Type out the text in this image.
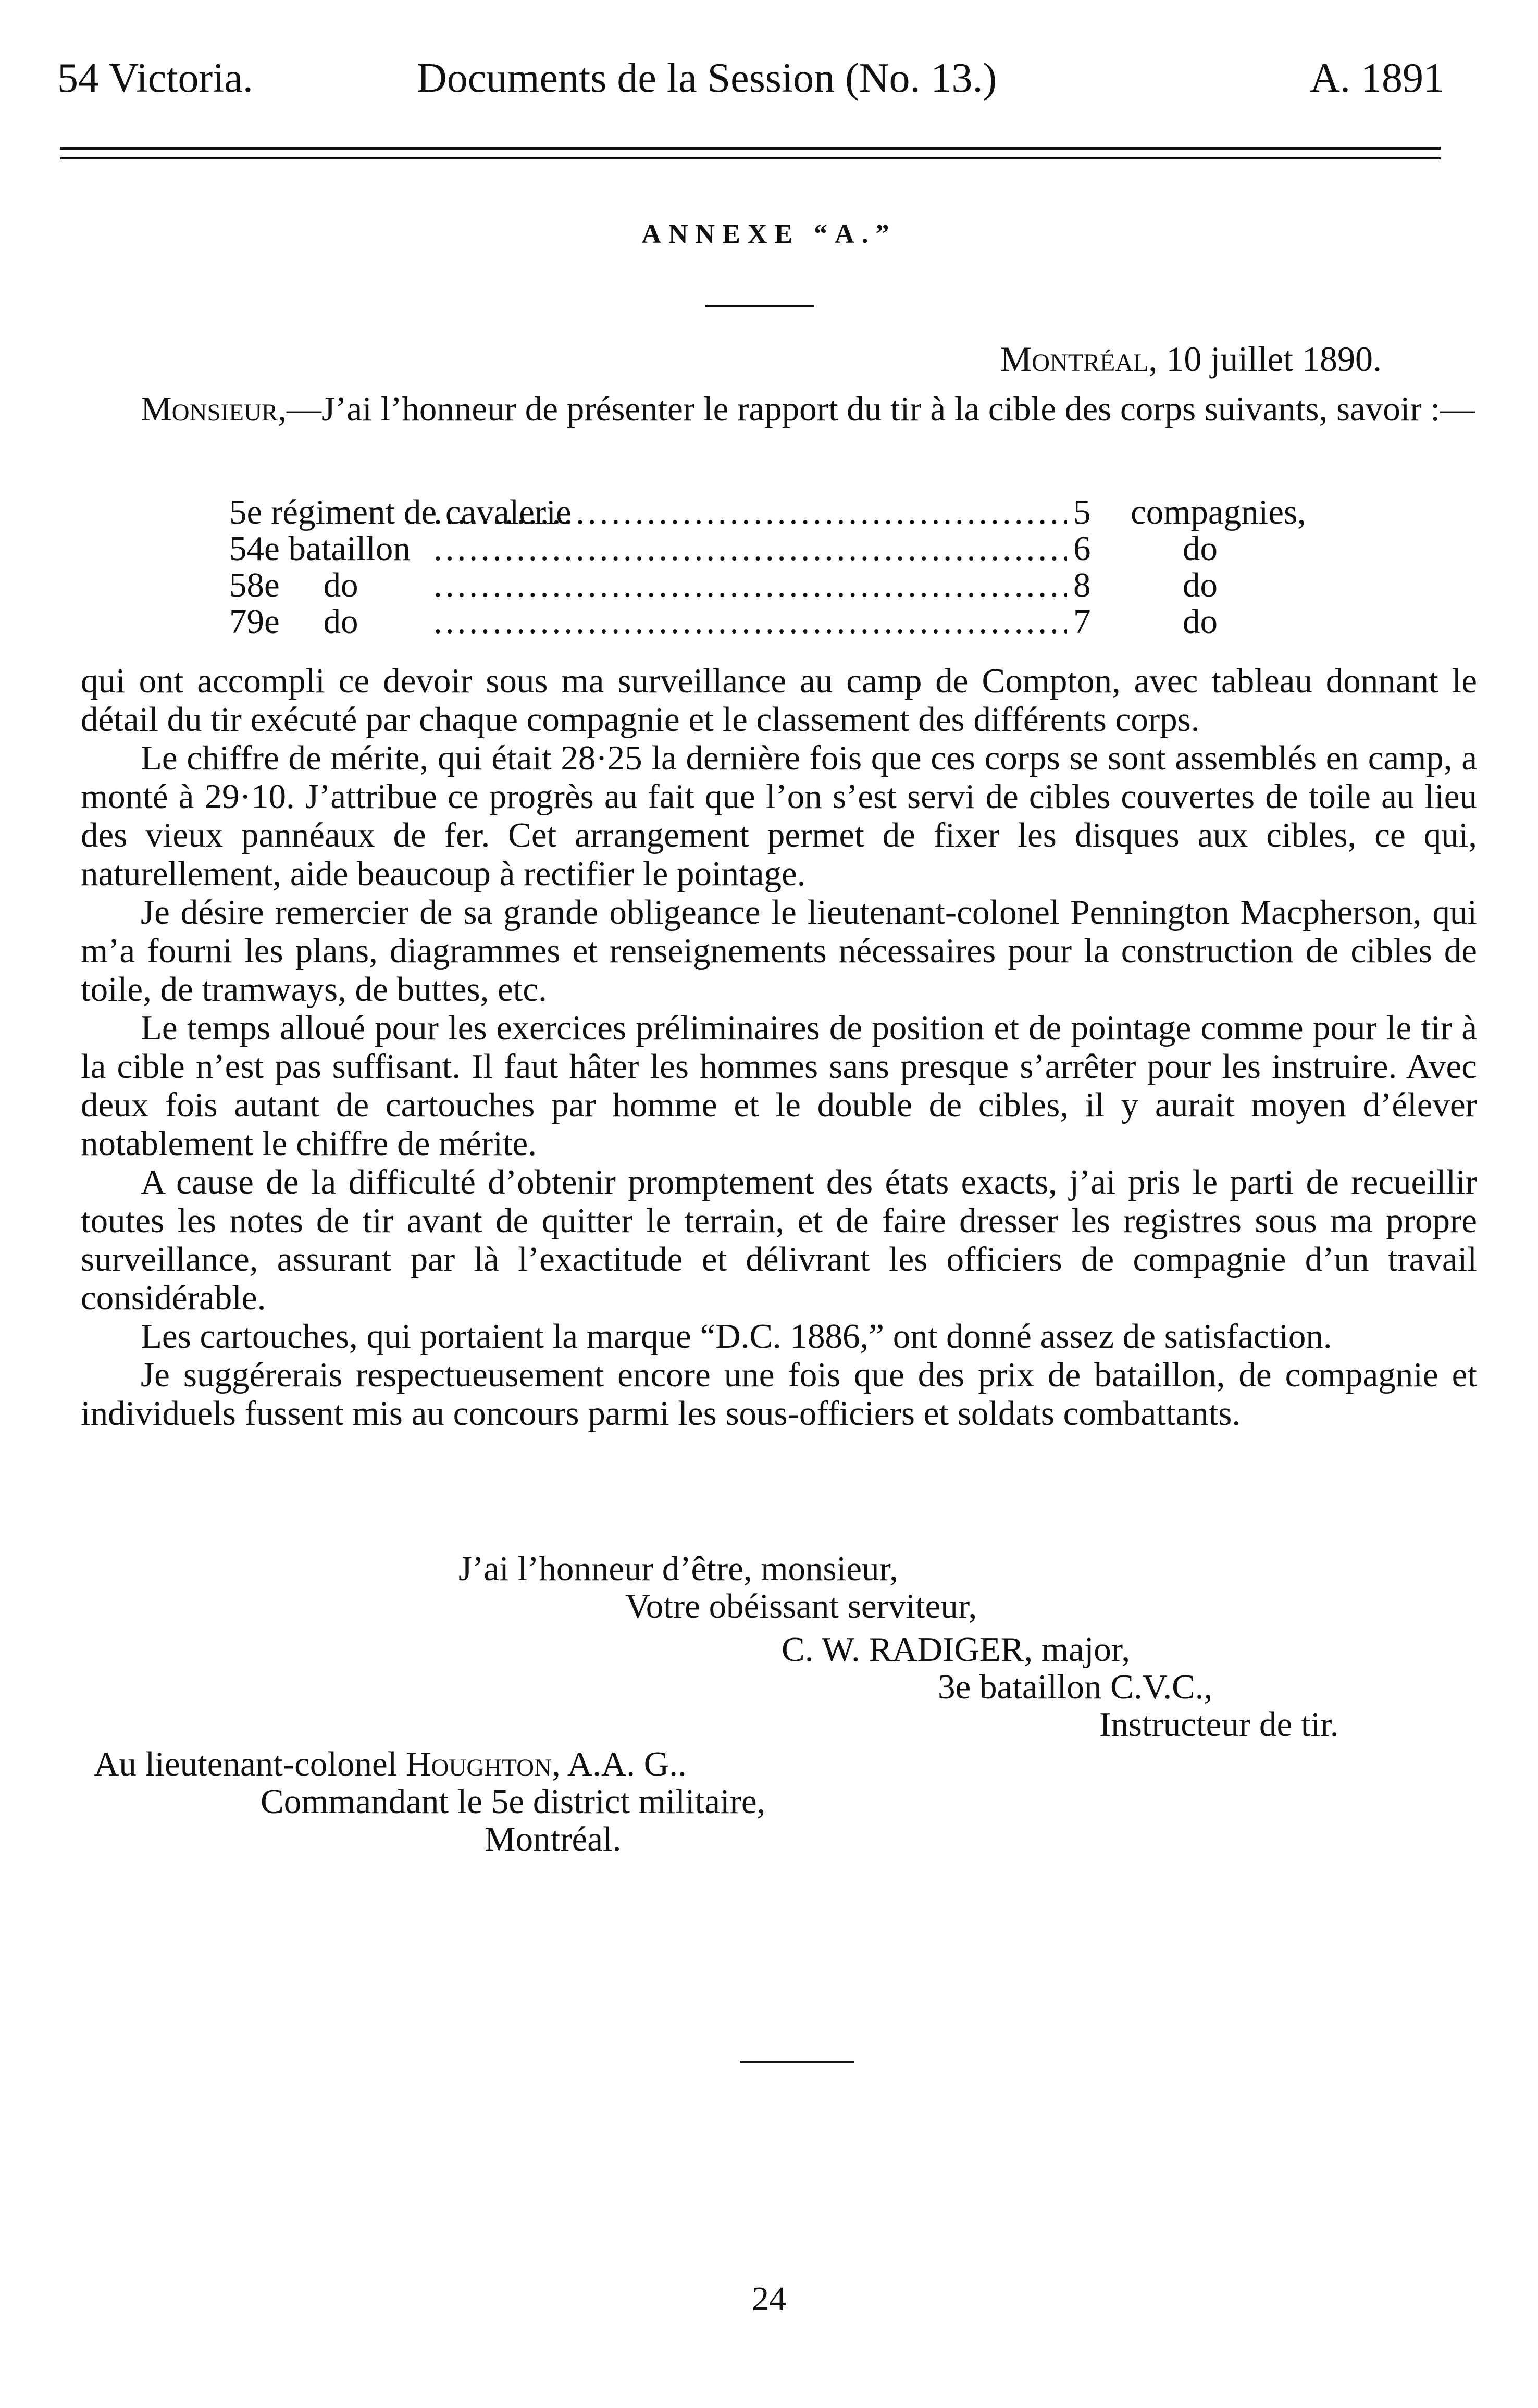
54 Victoria.	Documents de la Session (No. 13.)	A. 1891
ANNEXE “A.”
Montréal, 10 juillet 1890.

Monsieur,—J’ai l’honneur de présenter le rapport du tir à la cible des corps suivants, savoir :—

5e régiment de cavalerie .....	5	compagnies,
54e bataillon .....	6	do
58e     do .....	8	do
79e     do .....	7	do

qui ont accompli ce devoir sous ma surveillance au camp de Compton, avec tableau donnant le détail du tir exécuté par chaque compagnie et le classement des différents corps.

Le chiffre de mérite, qui était 28·25 la dernière fois que ces corps se sont assemblés en camp, a monté à 29·10. J’attribue ce progrès au fait que l’on s’est servi de cibles couvertes de toile au lieu des vieux pannéaux de fer. Cet arrangement permet de fixer les disques aux cibles, ce qui, naturellement, aide beaucoup à rectifier le pointage.

Je désire remercier de sa grande obligeance le lieutenant-colonel Pennington Macpherson, qui m’a fourni les plans, diagrammes et renseignements nécessaires pour la construction de cibles de toile, de tramways, de buttes, etc.

Le temps alloué pour les exercices préliminaires de position et de pointage comme pour le tir à la cible n’est pas suffisant. Il faut hâter les hommes sans presque s’arrêter pour les instruire. Avec deux fois autant de cartouches par homme et le double de cibles, il y aurait moyen d’élever notablement le chiffre de mérite.

A cause de la difficulté d’obtenir promptement des états exacts, j’ai pris le parti de recueillir toutes les notes de tir avant de quitter le terrain, et de faire dresser les registres sous ma propre surveillance, assurant par là l’exactitude et délivrant les officiers de compagnie d’un travail considérable.

Les cartouches, qui portaient la marque “D.C. 1886,” ont donné assez de satisfaction.

Je suggérerais respectueusement encore une fois que des prix de bataillon, de compagnie et individuels fussent mis au concours parmi les sous-officiers et soldats combattants.

J’ai l’honneur d’être, monsieur,
Votre obéissant serviteur,
C. W. RADIGER, major,
3e bataillon C.V.C.,
Instructeur de tir.
Au lieutenant-colonel Houghton, A.A. G..
Commandant le 5e district militaire,
Montréal.
24
